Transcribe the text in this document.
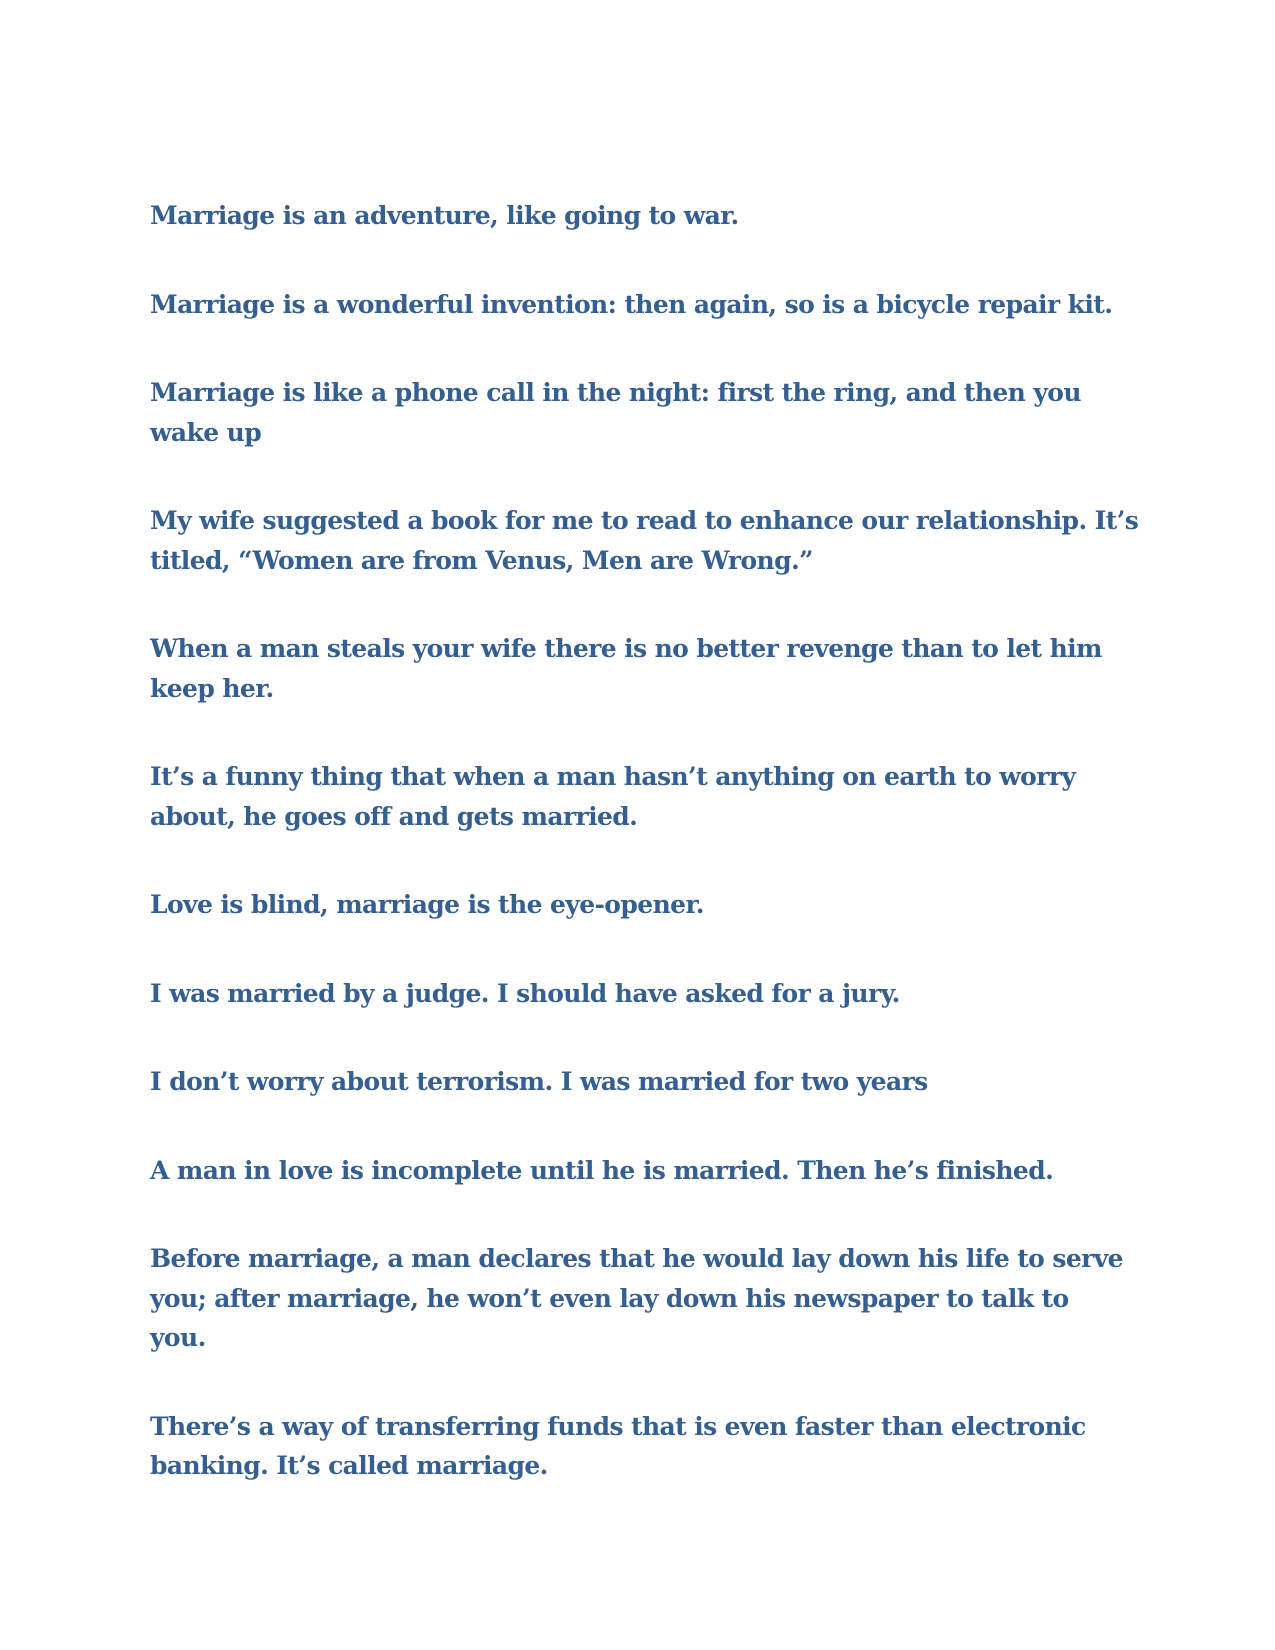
Marriage is an adventure, like going to war.

Marriage is a wonderful invention: then again, so is a bicycle repair kit.

Marriage is like a phone call in the night: first the ring, and then you
wake up

My wife suggested a book for me to read to enhance our relationship. It’s
titled, “Women are from Venus, Men are Wrong.”

When a man steals your wife there is no better revenge than to let him
keep her.

It’s a funny thing that when a man hasn’t anything on earth to worry
about, he goes off and gets married.

Love is blind, marriage is the eye-opener.

I was married by a judge. I should have asked for a jury.

I don’t worry about terrorism. I was married for two years

A man in love is incomplete until he is married. Then he’s finished.

Before marriage, a man declares that he would lay down his life to serve
you; after marriage, he won’t even lay down his newspaper to talk to
you.

There’s a way of transferring funds that is even faster than electronic
banking. It’s called marriage.
